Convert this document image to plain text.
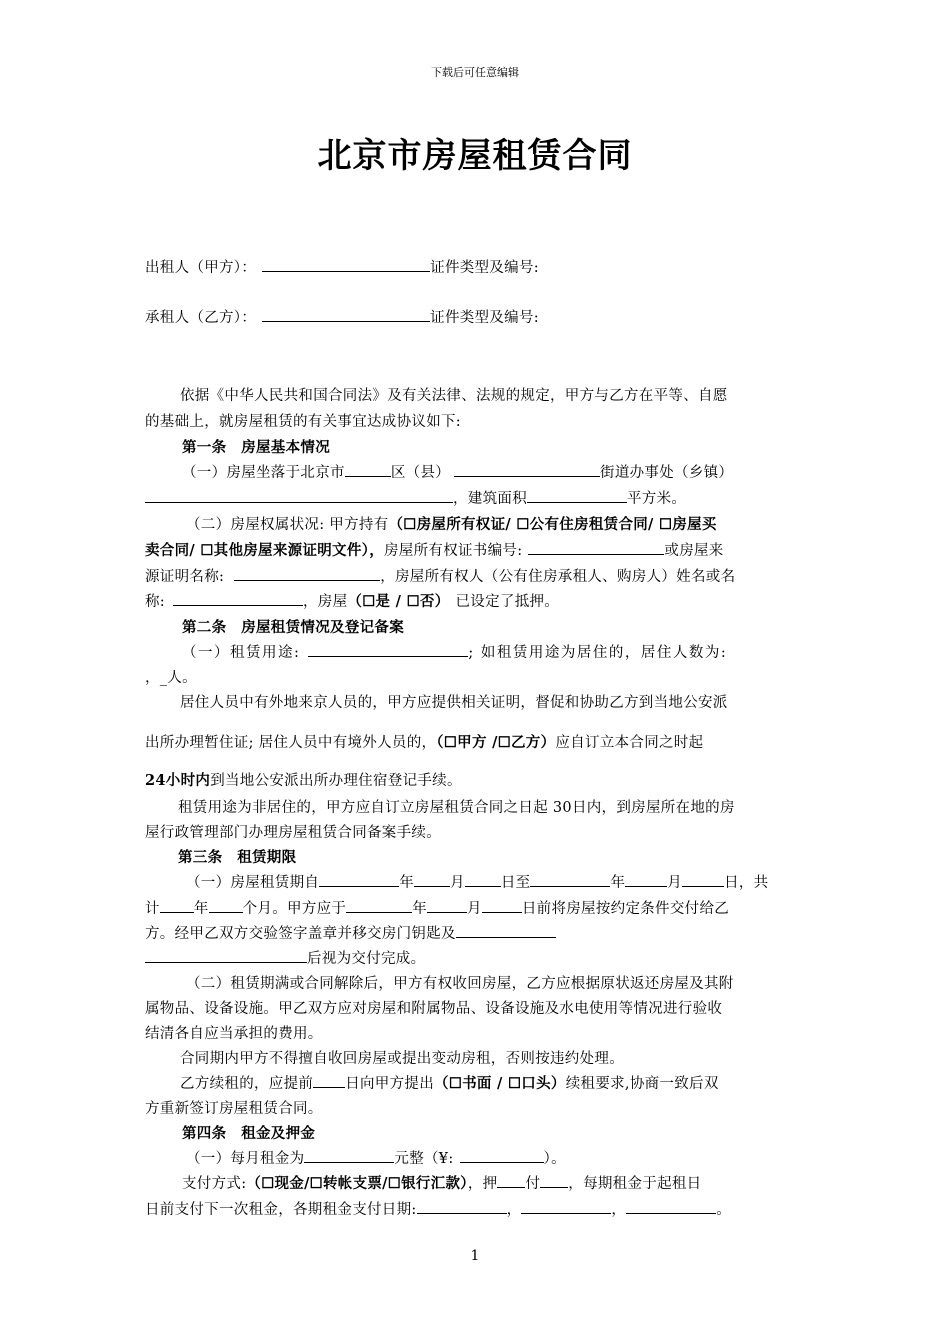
下载后可任意编辑
北京市房屋租赁合同
出租人（甲方）：	证件类型及编号:
承租人（乙方）：	证件类型及编号:
依据《中华人民共和国合同法》及有关法律、法规的规定，甲方与乙方在平等、自愿
的基础上，就房屋租赁的有关事宜达成协议如下:
第一条　房屋基本情况
（一）房屋坐落于北京市	区（县）	街道办事处（乡镇）
，建筑面积	平方米。
（二）房屋权属状况: 甲方持有（☐房屋所有权证/ ☐公有住房租赁合同/ ☐房屋买
卖合同/ ☐其他房屋来源证明文件），房屋所有权证书编号:	或房屋来
源证明名称:	，房屋所有权人（公有住房承租人、购房人）姓名或名
称:	，房屋（☐是 / ☐否） 已设定了抵押。
第二条　房屋租赁情况及登记备案
（一）租赁用途:	; 如租赁用途为居住的，居住人数为:
，_人。
居住人员中有外地来京人员的，甲方应提供相关证明，督促和协助乙方到当地公安派
出所办理暂住证; 居住人员中有境外人员的，（☐甲方 /☐乙方）应自订立本合同之时起
24小时内到当地公安派出所办理住宿登记手续。
租赁用途为非居住的，甲方应自订立房屋租赁合同之日起 30日内，到房屋所在地的房
屋行政管理部门办理房屋租赁合同备案手续。
第三条　租赁期限
（一）房屋租赁期自	年 月 日至	年	月	日，共
计 年 个月。甲方应于	年	月	日前将房屋按约定条件交付给乙
方。经甲乙双方交验签字盖章并移交房门钥匙及
后视为交付完成。
（二）租赁期满或合同解除后，甲方有权收回房屋，乙方应根据原状返还房屋及其附
属物品、设备设施。甲乙双方应对房屋和附属物品、设备设施及水电使用等情况进行验收
结清各自应当承担的费用。
合同期内甲方不得擅自收回房屋或提出变动房租，否则按违约处理。
乙方续租的，应提前 日向甲方提出（☐书面 / ☐口头）续租要求,协商一致后双
方重新签订房屋租赁合同。
第四条　租金及押金
（一）每月租金为	元整（¥:	）。
支付方式:（☐现金/☐转帐支票/☐银行汇款），押 付 ，每期租金于起租日
日前支付下一次租金，各期租金支付日期:	，	，	。
1
